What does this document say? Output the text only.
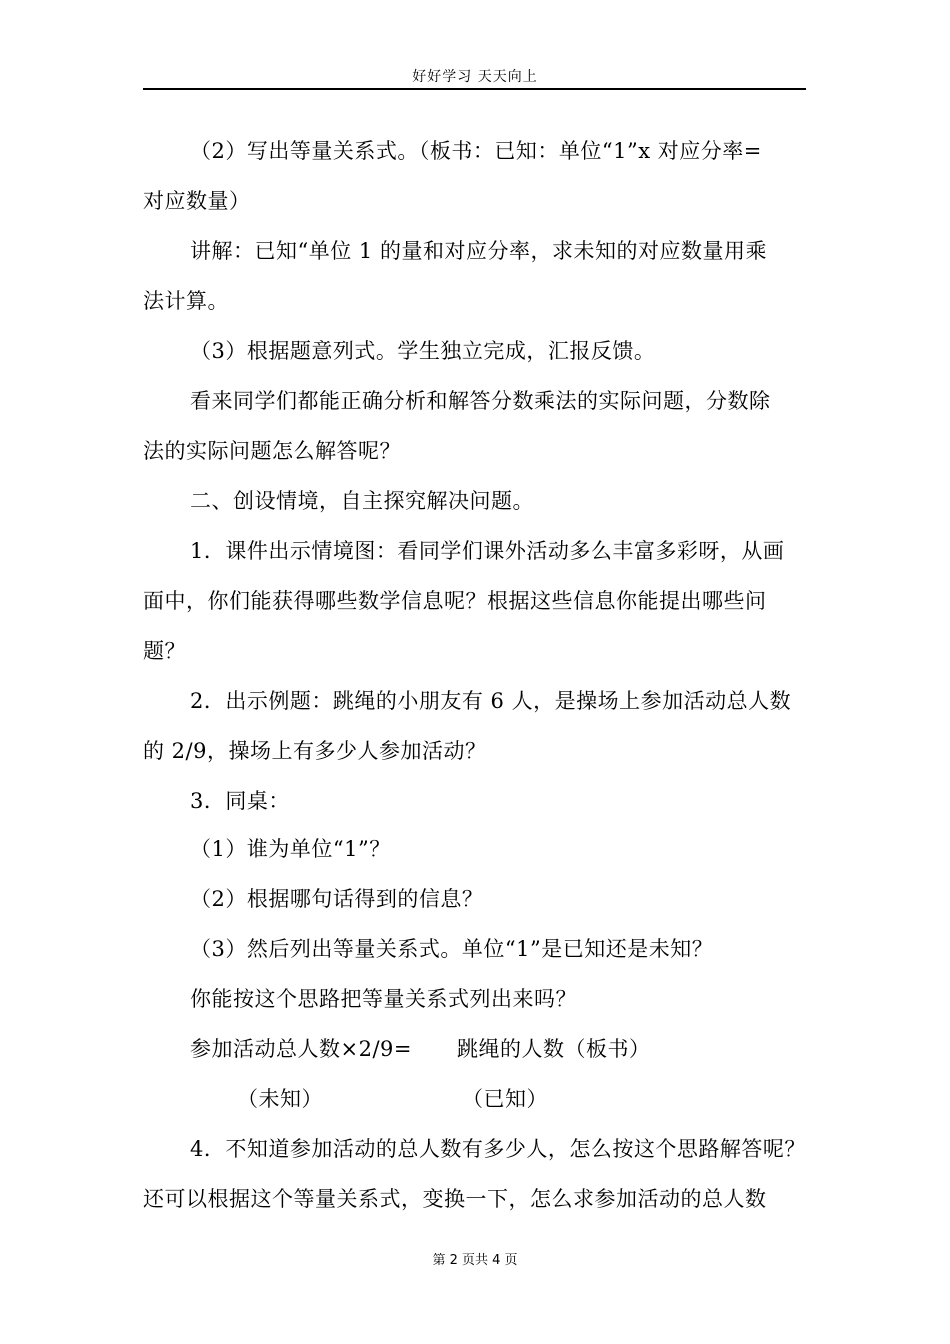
好好学习 天天向上
（2）写出等量关系式。（板书：已知：单位“1”x 对应分率=
对应数量）
讲解：已知“单位 1 的量和对应分率，求未知的对应数量用乘
法计算。
（3）根据题意列式。学生独立完成，汇报反馈。
看来同学们都能正确分析和解答分数乘法的实际问题，分数除
法的实际问题怎么解答呢？
二、创设情境，自主探究解决问题。
1．课件出示情境图：看同学们课外活动多么丰富多彩呀，从画
面中，你们能获得哪些数学信息呢？根据这些信息你能提出哪些问
题？
2．出示例题：跳绳的小朋友有 6 人，是操场上参加活动总人数
的 2/9，操场上有多少人参加活动？
3．同桌：
（1）谁为单位“1”？
（2）根据哪句话得到的信息？
（3）然后列出等量关系式。单位“1”是已知还是未知？
你能按这个思路把等量关系式列出来吗？
参加活动总人数×2/9= 跳绳的人数（板书）
（未知）	（已知）
4．不知道参加活动的总人数有多少人，怎么按这个思路解答呢？
还可以根据这个等量关系式，变换一下，怎么求参加活动的总人数
第 2 页共 4 页
